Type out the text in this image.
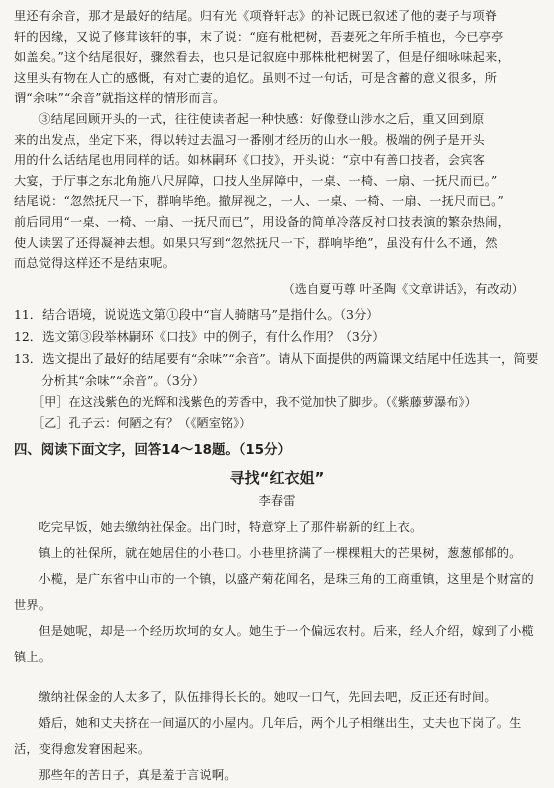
里还有余音，那才是最好的结尾。归有光《项脊轩志》的补记既已叙述了他的妻子与项脊

轩的因缘，又说了修茸该轩的事，末了说：“庭有枇杷树，吾妻死之年所手植也，今已亭亭

如盖矣。”这个结尾很好，骤然看去，也只是记叙庭中那株枇杷树罢了，但是仔细咏味起来，

这里头有物在人亡的感慨，有对亡妻的追忆。虽则不过一句话，可是含蓄的意义很多，所

谓“余味”“余音”就指这样的情形而言。

③结尾回顾开头的一式，往往使读者起一种快感：好像登山涉水之后，重又回到原

来的出发点，坐定下来，得以转过去温习一番刚才经历的山水一般。极端的例子是开头

用的什么话结尾也用同样的话。如林嗣环《口技》，开头说：“京中有善口技者，会宾客

大宴，于厅事之东北角施八尺屏障，口技人坐屏障中，一桌、一椅、一扇、一抚尺而已。”

结尾说：“忽然抚尺一下，群响毕绝。撤屏视之，一人、一桌、一椅、一扇、一抚尺而已。”

前后同用“一桌、一椅、一扇、一抚尺而已”，用设备的简单冷落反衬口技表演的繁杂热闹，

使人读罢了还得凝神去想。如果只写到“忽然抚尺一下，群响毕绝”，虽没有什么不通，然

而总觉得这样还不是结束呢。

（选自夏丏尊 叶圣陶《文章讲话》，有改动）

11．结合语境，说说选文第①段中“盲人骑瞎马”是指什么。（3分）

12．选文第③段举林嗣环《口技》中的例子，有什么作用？（3分）

13．选文提出了最好的结尾要有“余味”“余音”。请从下面提供的两篇课文结尾中任选其一，简要分析其“余味”“余音”。（3分）

［甲］在这浅紫色的光辉和浅紫色的芳香中，我不觉加快了脚步。（《紫藤萝瀑布》）

［乙］孔子云：何陋之有？（《陋室铭》）

四、阅读下面文字，回答14～18题。（15分）

寻找“红衣姐”

李春雷

吃完早饭，她去缴纳社保金。出门时，特意穿上了那件崭新的红上衣。

镇上的社保所，就在她居住的小巷口。小巷里挤满了一棵棵粗大的芒果树，葱葱郁郁的。

小榄，是广东省中山市的一个镇，以盛产菊花闻名，是珠三角的工商重镇，这里是个财富的世界。

但是她呢，却是一个经历坎坷的女人。她生于一个偏远农村。后来，经人介绍，嫁到了小榄镇上。

缴纳社保金的人太多了，队伍排得长长的。她叹一口气，先回去吧，反正还有时间。

婚后，她和丈夫挤在一间逼仄的小屋内。几年后，两个儿子相继出生，丈夫也下岗了。生活，变得愈发窘困起来。

那些年的苦日子，真是羞于言说啊。
